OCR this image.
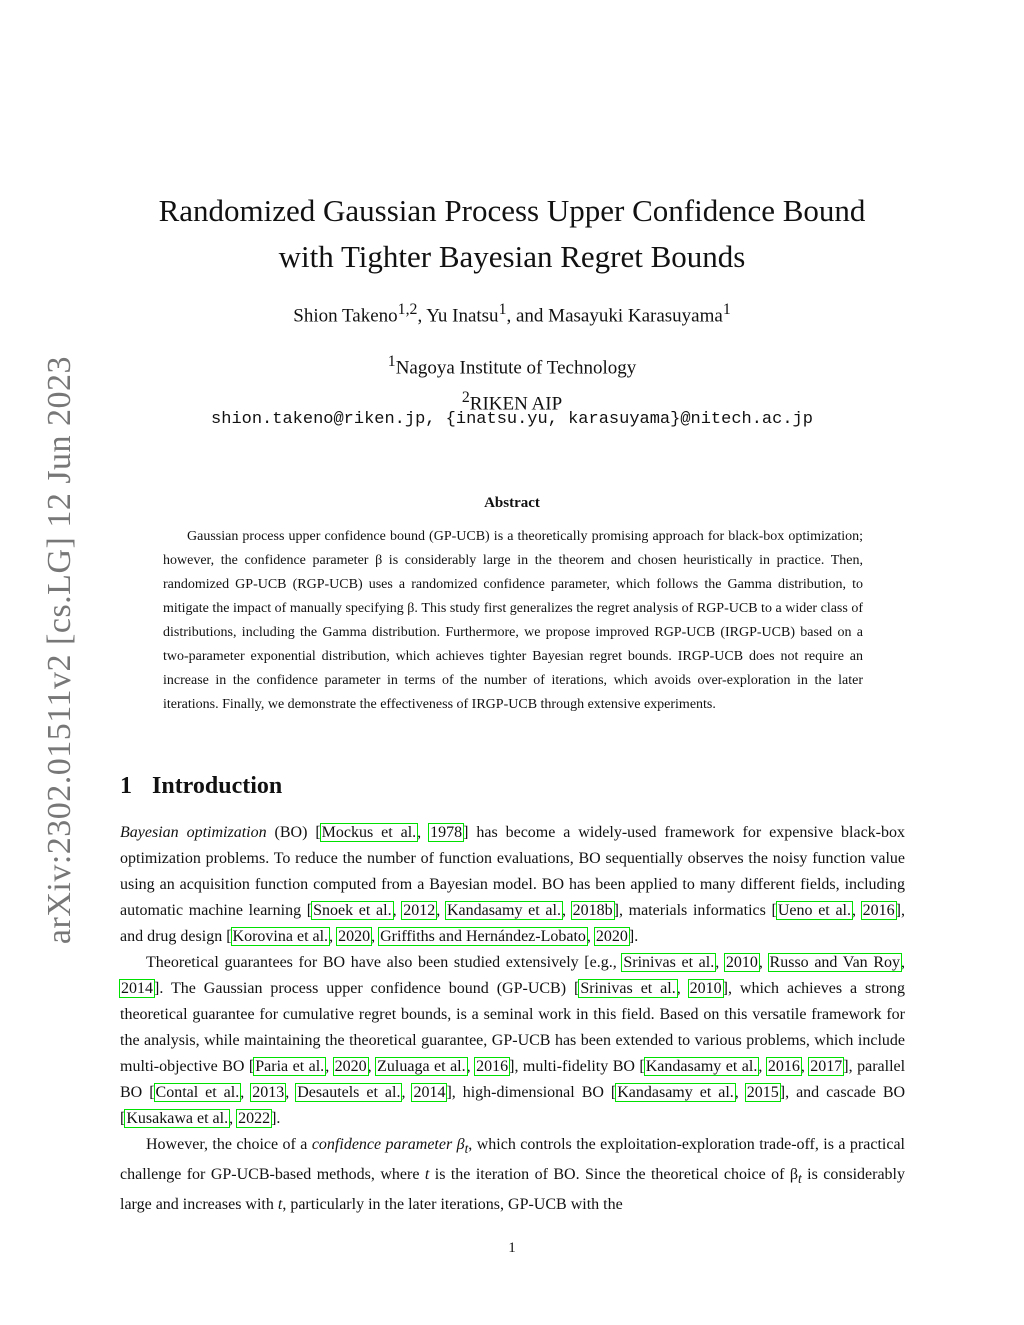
arXiv:2302.01511v2 [cs.LG] 12 Jun 2023
Randomized Gaussian Process Upper Confidence Bound
with Tighter Bayesian Regret Bounds
Shion Takeno$^{1,2}$, Yu Inatsu$^1$, and Masayuki Karasuyama$^1$
$^1$Nagoya Institute of Technology
$^2$RIKEN AIP
shion.takeno@riken.jp, {inatsu.yu, karasuyama}@nitech.ac.jp
Abstract

Gaussian process upper confidence bound (GP-UCB) is a theoretically promising approach for black-box optimization; however, the confidence parameter β is considerably large in the theorem and chosen heuristically in practice. Then, randomized GP-UCB (RGP-UCB) uses a randomized confidence parameter, which follows the Gamma distribution, to mitigate the impact of manually specifying β. This study first generalizes the regret analysis of RGP-UCB to a wider class of distributions, including the Gamma distribution. Furthermore, we propose improved RGP-UCB (IRGP-UCB) based on a two-parameter exponential distribution, which achieves tighter Bayesian regret bounds. IRGP-UCB does not require an increase in the confidence parameter in terms of the number of iterations, which avoids over-exploration in the later iterations. Finally, we demonstrate the effectiveness of IRGP-UCB through extensive experiments.

1 Introduction

Bayesian optimization (BO) [Mockus et al., 1978] has become a widely-used framework for expensive black-box optimization problems. To reduce the number of function evaluations, BO sequentially observes the noisy function value using an acquisition function computed from a Bayesian model. BO has been applied to many different fields, including automatic machine learning [Snoek et al., 2012, Kandasamy et al., 2018b], materials informatics [Ueno et al., 2016], and drug design [Korovina et al., 2020, Griffiths and Hernández-Lobato, 2020].

Theoretical guarantees for BO have also been studied extensively [e.g., Srinivas et al., 2010, Russo and Van Roy, 2014]. The Gaussian process upper confidence bound (GP-UCB) [Srinivas et al., 2010], which achieves a strong theoretical guarantee for cumulative regret bounds, is a seminal work in this field. Based on this versatile framework for the analysis, while maintaining the theoretical guarantee, GP-UCB has been extended to various problems, which include multi-objective BO [Paria et al., 2020, Zuluaga et al., 2016], multi-fidelity BO [Kandasamy et al., 2016, 2017], parallel BO [Contal et al., 2013, Desautels et al., 2014], high-dimensional BO [Kandasamy et al., 2015], and cascade BO [Kusakawa et al., 2022].

However, the choice of a confidence parameter $\beta_t$, which controls the exploitation-exploration trade-off, is a practical challenge for GP-UCB-based methods, where t is the iteration of BO. Since the theoretical choice of $\beta_t$ is considerably large and increases with t, particularly in the later iterations, GP-UCB with the

1
